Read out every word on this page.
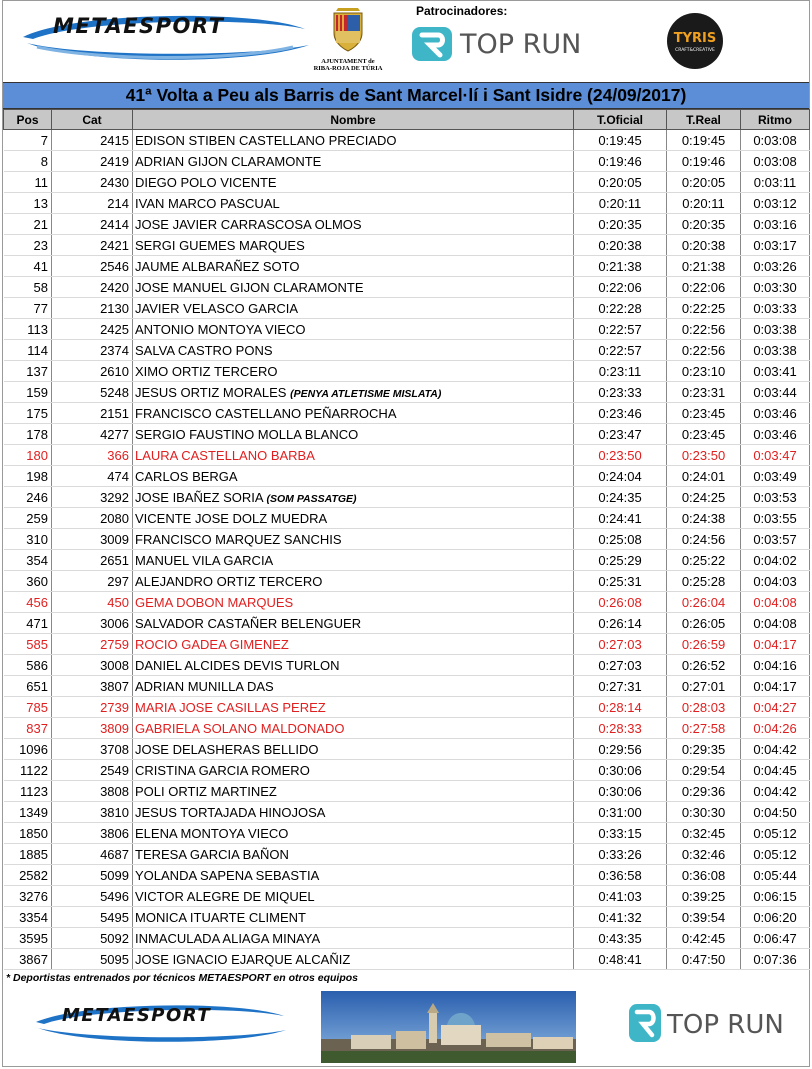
METAESPORT
AJUNTAMENT de
RIBA-ROJA DE TÚRIA
Patrocinadores:
TOP RUN	TYRIS
CRAFT&CREATIVE
41ª Volta a Peu als Barris de Sant Marcel·lí i Sant Isidre (24/09/2017)
Pos	Cat	Nombre	T.Oficial	T.Real	Ritmo
7	2415	EDISON STIBEN CASTELLANO PRECIADO	0:19:45	0:19:45	0:03:08
8	2419	ADRIAN GIJON CLARAMONTE	0:19:46	0:19:46	0:03:08
11	2430	DIEGO POLO VICENTE	0:20:05	0:20:05	0:03:11
13	214	IVAN MARCO PASCUAL	0:20:11	0:20:11	0:03:12
21	2414	JOSE JAVIER CARRASCOSA OLMOS	0:20:35	0:20:35	0:03:16
23	2421	SERGI GUEMES MARQUES	0:20:38	0:20:38	0:03:17
41	2546	JAUME ALBARAÑEZ SOTO	0:21:38	0:21:38	0:03:26
58	2420	JOSE MANUEL GIJON CLARAMONTE	0:22:06	0:22:06	0:03:30
77	2130	JAVIER VELASCO GARCIA	0:22:28	0:22:25	0:03:33
113	2425	ANTONIO MONTOYA VIECO	0:22:57	0:22:56	0:03:38
114	2374	SALVA CASTRO PONS	0:22:57	0:22:56	0:03:38
137	2610	XIMO ORTIZ TERCERO	0:23:11	0:23:10	0:03:41
159	5248	JESUS ORTIZ MORALES (PENYA ATLETISME MISLATA)	0:23:33	0:23:31	0:03:44
175	2151	FRANCISCO CASTELLANO PEÑARROCHA	0:23:46	0:23:45	0:03:46
178	4277	SERGIO FAUSTINO MOLLA BLANCO	0:23:47	0:23:45	0:03:46
180	366	LAURA CASTELLANO BARBA	0:23:50	0:23:50	0:03:47
198	474	CARLOS BERGA	0:24:04	0:24:01	0:03:49
246	3292	JOSE IBAÑEZ SORIA (SOM PASSATGE)	0:24:35	0:24:25	0:03:53
259	2080	VICENTE JOSE DOLZ MUEDRA	0:24:41	0:24:38	0:03:55
310	3009	FRANCISCO MARQUEZ SANCHIS	0:25:08	0:24:56	0:03:57
354	2651	MANUEL VILA GARCIA	0:25:29	0:25:22	0:04:02
360	297	ALEJANDRO ORTIZ TERCERO	0:25:31	0:25:28	0:04:03
456	450	GEMA DOBON MARQUES	0:26:08	0:26:04	0:04:08
471	3006	SALVADOR CASTAÑER BELENGUER	0:26:14	0:26:05	0:04:08
585	2759	ROCIO GADEA GIMENEZ	0:27:03	0:26:59	0:04:17
586	3008	DANIEL ALCIDES DEVIS TURLON	0:27:03	0:26:52	0:04:16
651	3807	ADRIAN MUNILLA DAS	0:27:31	0:27:01	0:04:17
785	2739	MARIA JOSE CASILLAS PEREZ	0:28:14	0:28:03	0:04:27
837	3809	GABRIELA SOLANO MALDONADO	0:28:33	0:27:58	0:04:26
1096	3708	JOSE DELASHERAS BELLIDO	0:29:56	0:29:35	0:04:42
1122	2549	CRISTINA GARCIA ROMERO	0:30:06	0:29:54	0:04:45
1123	3808	POLI ORTIZ MARTINEZ	0:30:06	0:29:36	0:04:42
1349	3810	JESUS TORTAJADA HINOJOSA	0:31:00	0:30:30	0:04:50
1850	3806	ELENA MONTOYA VIECO	0:33:15	0:32:45	0:05:12
1885	4687	TERESA GARCIA BAÑON	0:33:26	0:32:46	0:05:12
2582	5099	YOLANDA SAPENA SEBASTIA	0:36:58	0:36:08	0:05:44
3276	5496	VICTOR ALEGRE DE MIQUEL	0:41:03	0:39:25	0:06:15
3354	5495	MONICA ITUARTE CLIMENT	0:41:32	0:39:54	0:06:20
3595	5092	INMACULADA ALIAGA MINAYA	0:43:35	0:42:45	0:06:47
3867	5095	JOSE IGNACIO EJARQUE ALCAÑIZ	0:48:41	0:47:50	0:07:36
* Deportistas entrenados por técnicos METAESPORT en otros equipos
METAESPORT	TOP RUN
